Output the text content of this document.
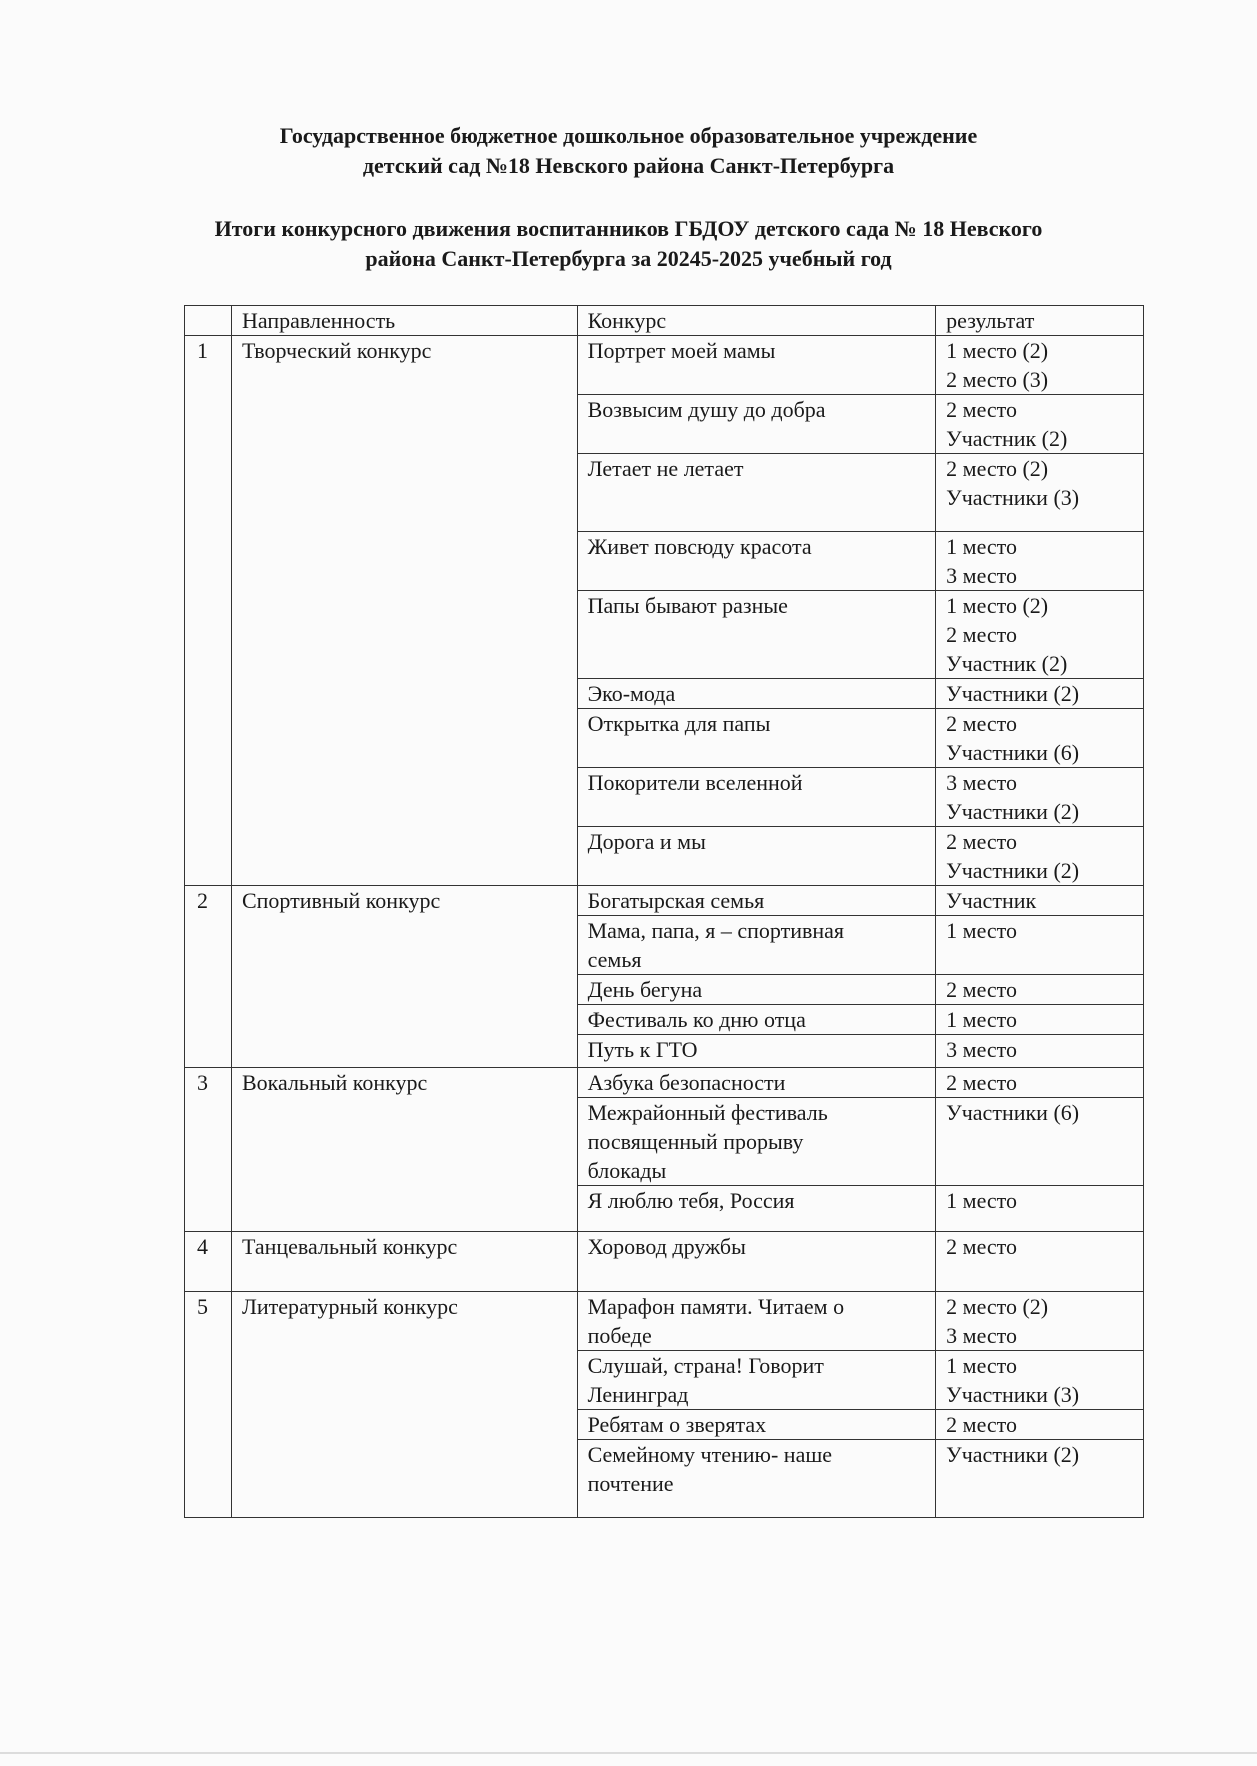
Государственное бюджетное дошкольное образовательное учреждение
детский сад №18 Невского района Санкт-Петербурга
Итоги конкурсного движения воспитанников ГБДОУ детского сада № 18 Невского
района Санкт-Петербурга за 20245-2025 учебный год
	Направленность	Конкурс	результат
1	Творческий конкурс	Портрет моей мамы	1 место (2)
2 место (3)

		Возвысим душу до добра	2 место
Участник (2)

		Летает не летает	2 место (2)
Участники (3)

		Живет повсюду красота	1 место
3 место

		Папы бывают разные	1 место (2)
2 место
Участник (2)

		Эко-мода	Участники (2)

		Открытка для папы	2 место
Участники (6)

		Покорители вселенной	3 место
Участники (2)

		Дорога и мы	2 место
Участники (2)

2	Спортивный конкурс	Богатырская семья	Участник

		Мама, папа, я – спортивная
семья	1 место

		День бегуна	2 место

		Фестиваль ко дню отца	1 место

		Путь к ГТО	3 место

3	Вокальный конкурс	Азбука безопасности	2 место

		Межрайонный фестиваль
посвященный прорыву
блокады	Участники (6)

		Я люблю тебя, Россия	1 место

4	Танцевальный конкурс	Хоровод дружбы	2 место

5	Литературный конкурс	Марафон памяти. Читаем о
победе	2 место (2)
3 место

		Слушай, страна! Говорит
Ленинград	1 место
Участники (3)

		Ребятам о зверятах	2 место

		Семейному чтению- наше
почтение	Участники (2)
